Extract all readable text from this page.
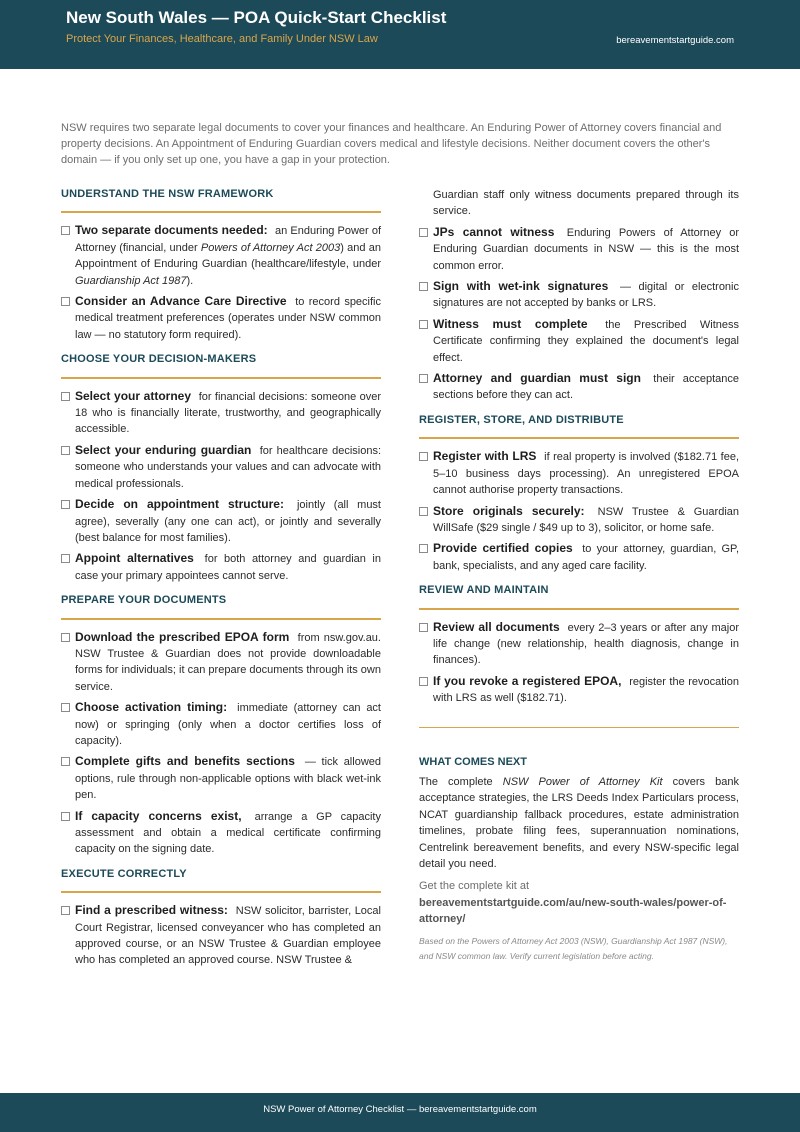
New South Wales — POA Quick-Start Checklist
Protect Your Finances, Healthcare, and Family Under NSW Law	bereavementstartguide.com

NSW requires two separate legal documents to cover your finances and healthcare. An Enduring Power of Attorney covers financial and property decisions. An Appointment of Enduring Guardian covers medical and lifestyle decisions. Neither document covers the other's domain — if you only set up one, you have a gap in your protection.

UNDERSTAND THE NSW FRAMEWORK
Two separate documents needed: an Enduring Power of Attorney (financial, under Powers of Attorney Act 2003) and an Appointment of Enduring Guardian (healthcare/lifestyle, under Guardianship Act 1987).
Consider an Advance Care Directive to record specific medical treatment preferences (operates under NSW common law — no statutory form required).
CHOOSE YOUR DECISION-MAKERS
Select your attorney for financial decisions: someone over 18 who is financially literate, trustworthy, and geographically accessible.
Select your enduring guardian for healthcare decisions: someone who understands your values and can advocate with medical professionals.
Decide on appointment structure: jointly (all must agree), severally (any one can act), or jointly and severally (best balance for most families).
Appoint alternatives for both attorney and guardian in case your primary appointees cannot serve.
PREPARE YOUR DOCUMENTS
Download the prescribed EPOA form from nsw.gov.au. NSW Trustee & Guardian does not provide downloadable forms for individuals; it can prepare documents through its own service.
Choose activation timing: immediate (attorney can act now) or springing (only when a doctor certifies loss of capacity).
Complete gifts and benefits sections — tick allowed options, rule through non-applicable options with black wet-ink pen.
If capacity concerns exist, arrange a GP capacity assessment and obtain a medical certificate confirming capacity on the signing date.
EXECUTE CORRECTLY
Find a prescribed witness: NSW solicitor, barrister, Local Court Registrar, licensed conveyancer who has completed an approved course, or an NSW Trustee & Guardian employee who has completed an approved course. NSW Trustee &
Guardian staff only witness documents prepared through its service.
JPs cannot witness Enduring Powers of Attorney or Enduring Guardian documents in NSW — this is the most common error.
Sign with wet-ink signatures — digital or electronic signatures are not accepted by banks or LRS.
Witness must complete the Prescribed Witness Certificate confirming they explained the document's legal effect.
Attorney and guardian must sign their acceptance sections before they can act.
REGISTER, STORE, AND DISTRIBUTE
Register with LRS if real property is involved ($182.71 fee, 5–10 business days processing). An unregistered EPOA cannot authorise property transactions.
Store originals securely: NSW Trustee & Guardian WillSafe ($29 single / $49 up to 3), solicitor, or home safe.
Provide certified copies to your attorney, guardian, GP, bank, specialists, and any aged care facility.
REVIEW AND MAINTAIN
Review all documents every 2–3 years or after any major life change (new relationship, health diagnosis, change in finances).
If you revoke a registered EPOA, register the revocation with LRS as well ($182.71).
WHAT COMES NEXT

The complete NSW Power of Attorney Kit covers bank acceptance strategies, the LRS Deeds Index Particulars process, NCAT guardianship fallback procedures, estate administration timelines, probate filing fees, superannuation nominations, Centrelink bereavement benefits, and every NSW-specific legal detail you need.

Get the complete kit at
bereavementstartguide.com/au/new-south-wales/power-of-attorney/
Based on the Powers of Attorney Act 2003 (NSW), Guardianship Act 1987 (NSW), and NSW common law. Verify current legislation before acting.
NSW Power of Attorney Checklist — bereavementstartguide.com
